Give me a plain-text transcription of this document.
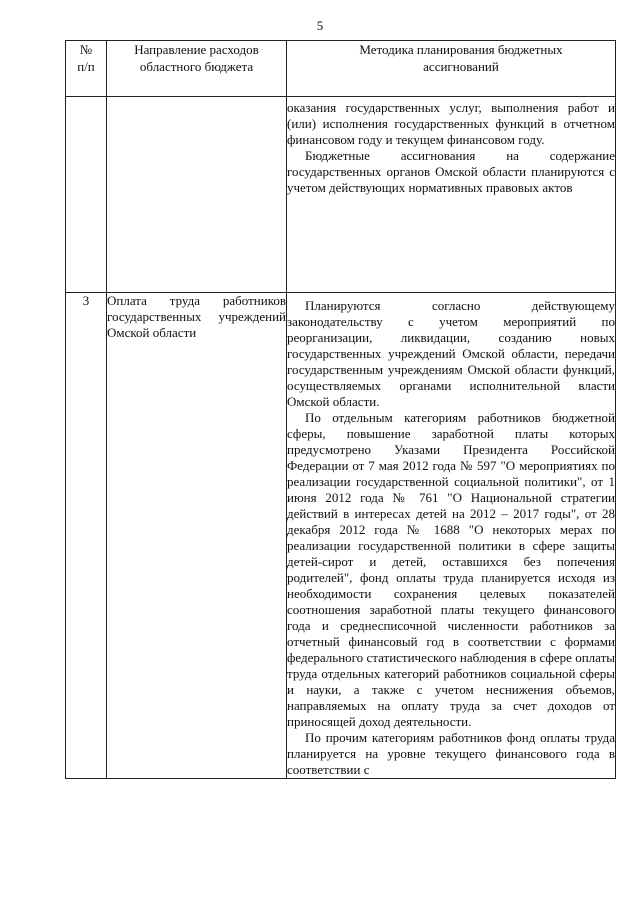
5
№
п/п	Направление расходов областного бюджета	Методика планирования бюджетных ассигнований

		оказания государственных услуг, выполнения работ и (или) исполнения государственных функций в отчетном финансовом году и текущем финансовом году.

Бюджетные ассигнования на содержание государственных органов Омской области планируются с учетом действующих нормативных правовых актов

3	Оплата труда работников государственных учреждений Омской области	Планируются согласно действующему законодательству с учетом мероприятий по реорганизации, ликвидации, созданию новых государственных учреждений Омской области, передачи государственным учреждениям Омской области функций, осуществляемых органами исполнительной власти Омской области.

По отдельным категориям работников бюджетной сферы, повышение заработной платы которых предусмотрено Указами Президента Российской Федерации от 7 мая 2012 года № 597 "О мероприятиях по реализации государственной социальной политики", от 1 июня 2012 года № 761 "О Национальной стратегии действий в интересах детей на 2012 – 2017 годы", от 28 декабря 2012 года № 1688 "О некоторых мерах по реализации государственной политики в сфере защиты детей-сирот и детей, оставшихся без попечения родителей", фонд оплаты труда планируется исходя из необходимости сохранения целевых показателей соотношения заработной платы текущего финансового года и среднесписочной численности работников за отчетный финансовый год в соответствии с формами федерального статистического наблюдения в сфере оплаты труда отдельных категорий работников социальной сферы и науки, а также с учетом неснижения объемов, направляемых на оплату труда за счет доходов от приносящей доход деятельности.

По прочим категориям работников фонд оплаты труда планируется на уровне текущего финансового года в соответствии с
